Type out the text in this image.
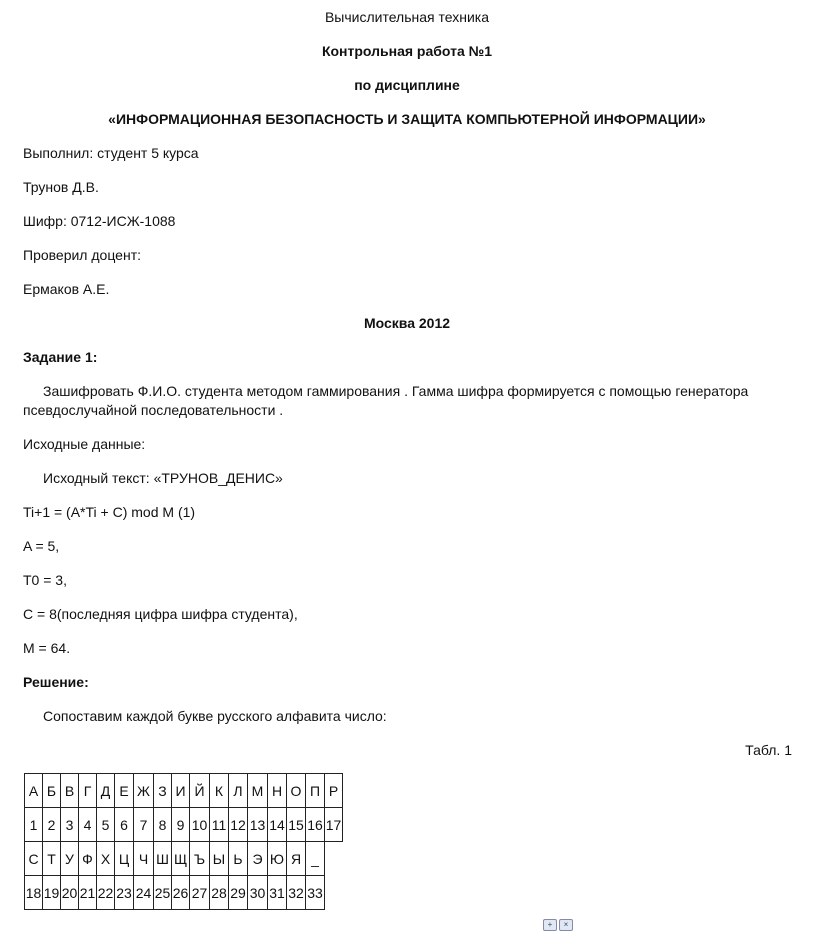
Вычислительная техника
Контрольная работа №1
по дисциплине
«ИНФОРМАЦИОННАЯ БЕЗОПАСНОСТЬ И ЗАЩИТА КОМПЬЮТЕРНОЙ ИНФОРМАЦИИ»
Выполнил: студент 5 курса
Трунов Д.В.
Шифр: 0712-ИСЖ-1088
Проверил доцент:
Ермаков А.Е.
Москва 2012
Задание 1:
Зашифровать Ф.И.О. студента методом гаммирования . Гамма шифра формируется с помощью генератора
псевдослучайной последовательности .
Исходные данные:
Исходный текст: «ТРУНОВ_ДЕНИС»
Ti+1 = (A*Ti + C) mod M (1)
A = 5,
T0 = 3,
C = 8(последняя цифра шифра студента),
M = 64.
Решение:
Сопоставим каждой букве русского алфавита число:
Табл. 1
А	Б	В	Г	Д	Е	Ж	З	И	Й	К	Л	М	Н	О	П	Р
1	2	3	4	5	6	7	8	9	10	11	12	13	14	15	16	17
С	Т	У	Ф	Х	Ц	Ч	Ш	Щ	Ъ	Ы	Ь	Э	Ю	Я	_	
18	19	20	21	22	23	24	25	26	27	28	29	30	31	32	33	
+	×
